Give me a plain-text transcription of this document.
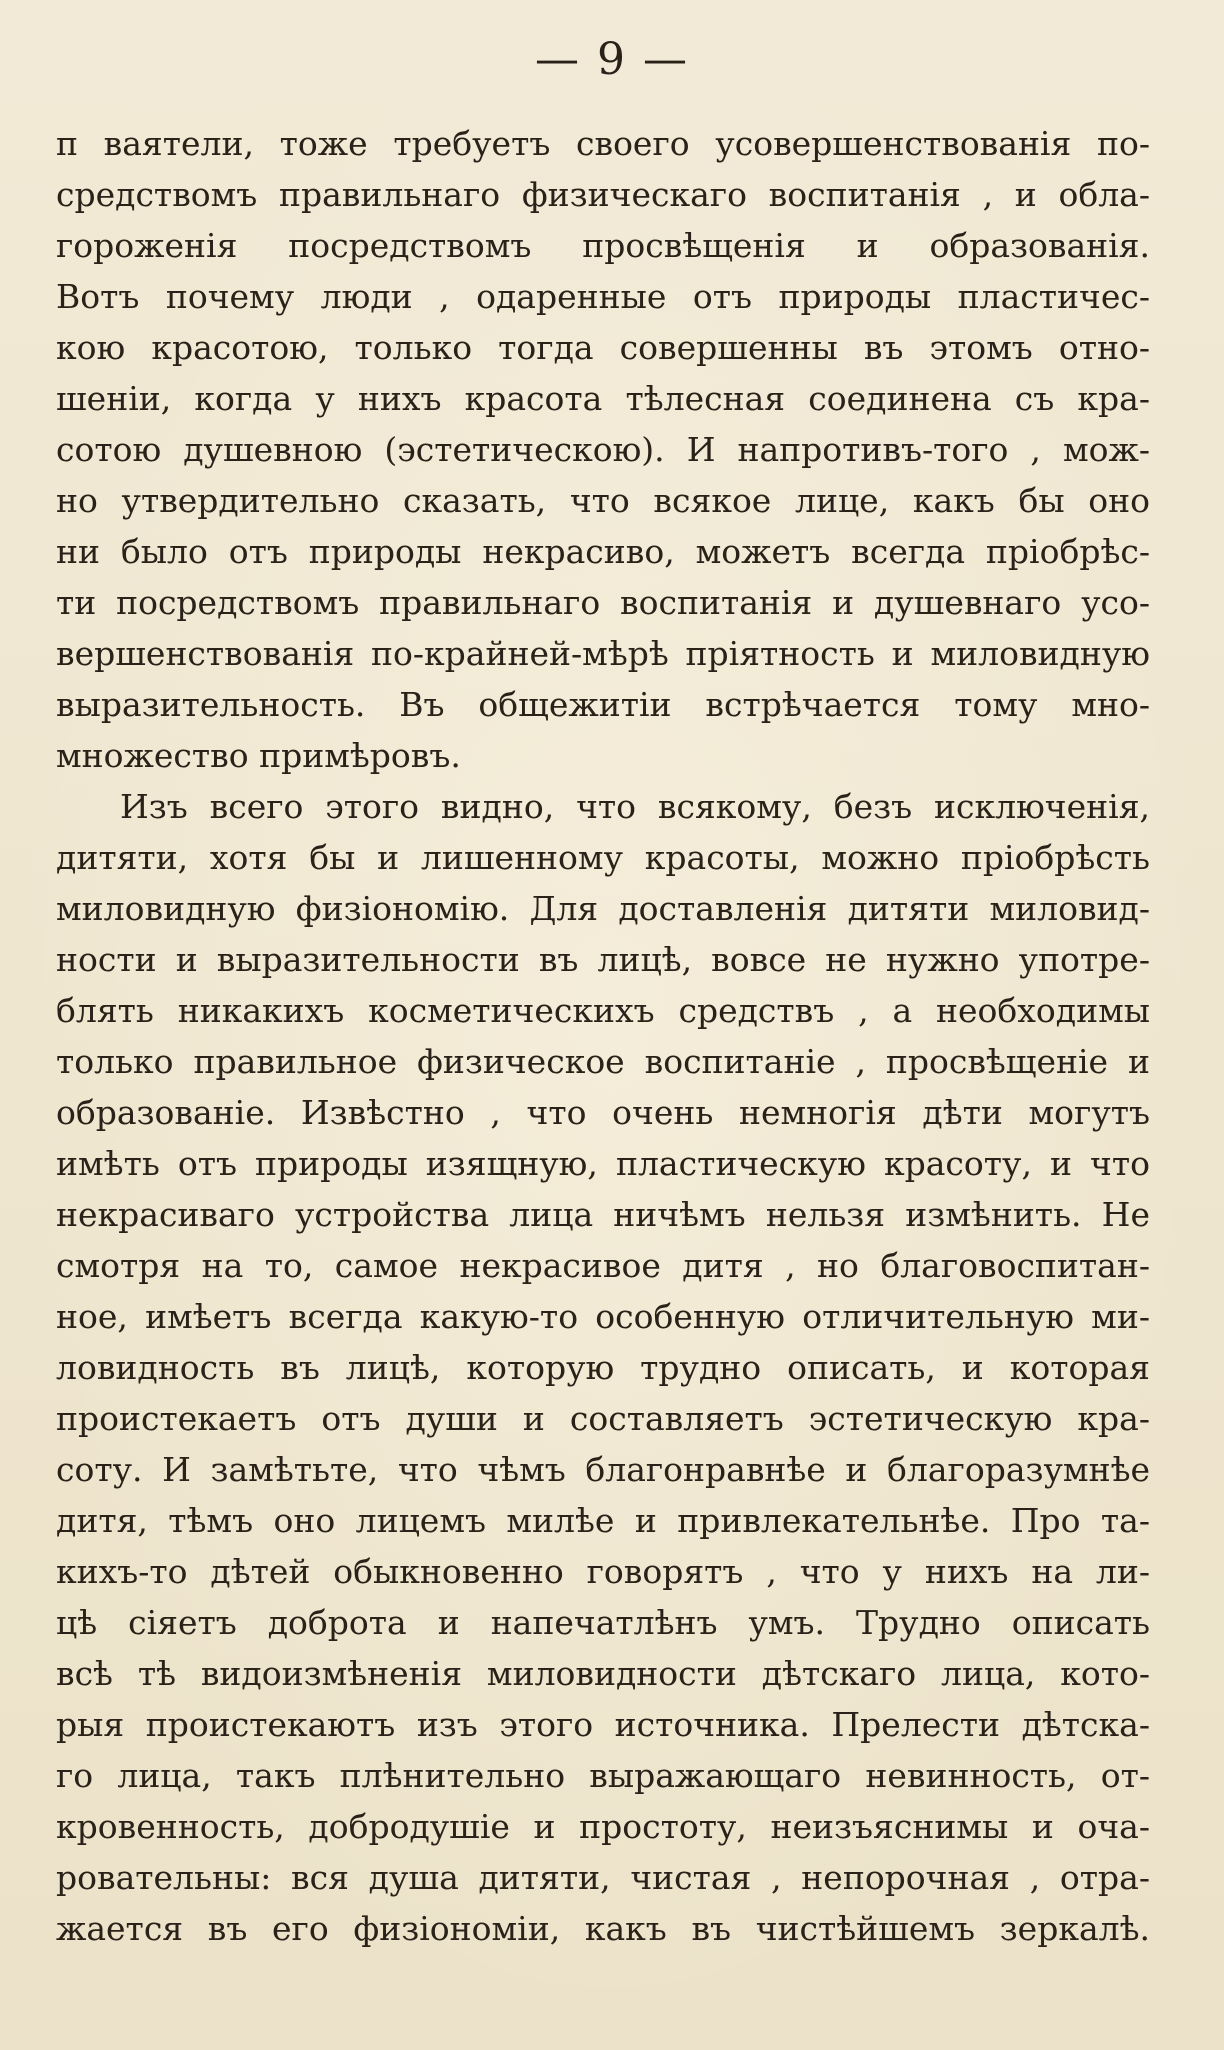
— 9 —
п ваятели, тоже требуетъ своего усовершенствованія по-
средствомъ правильнаго физическаго воспитанія , и обла-
гороженія посредствомъ просвѣщенія и образованія.
Вотъ почему люди , одаренные отъ природы пластичес-
кою красотою, только тогда совершенны въ этомъ отно-
шеніи, когда у нихъ красота тѣлесная соединена съ кра-
сотою душевною (эстетическою). И напротивъ-того , мож-
но утвердительно сказать, что всякое лице, какъ бы оно
ни было отъ природы некрасиво, можетъ всегда пріобрѣс-
ти посредствомъ правильнаго воспитанія и душевнаго усо-
вершенствованія по-крайней-мѣрѣ пріятность и миловидную
выразительность. Въ общежитіи встрѣчается тому мно-
множество примѣровъ.
Изъ всего этого видно, что всякому, безъ исключенія,
дитяти, хотя бы и лишенному красоты, можно пріобрѣсть
миловидную физіономію. Для доставленія дитяти миловид-
ности и выразительности въ лицѣ, вовсе не нужно употре-
блять никакихъ косметическихъ средствъ , а необходимы
только правильное физическое воспитаніе , просвѣщеніе и
образованіе. Извѣстно , что очень немногія дѣти могутъ
имѣть отъ природы изящную, пластическую красоту, и что
некрасиваго устройства лица ничѣмъ нельзя измѣнить. Не
смотря на то, самое некрасивое дитя , но благовоспитан-
ное, имѣетъ всегда какую-то особенную отличительную ми-
ловидность въ лицѣ, которую трудно описать, и которая
проистекаетъ отъ души и составляетъ эстетическую кра-
соту. И замѣтьте, что чѣмъ благонравнѣе и благоразумнѣе
дитя, тѣмъ оно лицемъ милѣе и привлекательнѣе. Про та-
кихъ-то дѣтей обыкновенно говорятъ , что у нихъ на ли-
цѣ сіяетъ доброта и напечатлѣнъ умъ. Трудно описать
всѣ тѣ видоизмѣненія миловидности дѣтскаго лица, кото-
рыя проистекаютъ изъ этого источника. Прелести дѣтска-
го лица, такъ плѣнительно выражающаго невинность, от-
кровенность, добродушіе и простоту, неизъяснимы и оча-
ровательны: вся душа дитяти, чистая , непорочная , отра-
жается въ его физіономіи, какъ въ чистѣйшемъ зеркалѣ.
